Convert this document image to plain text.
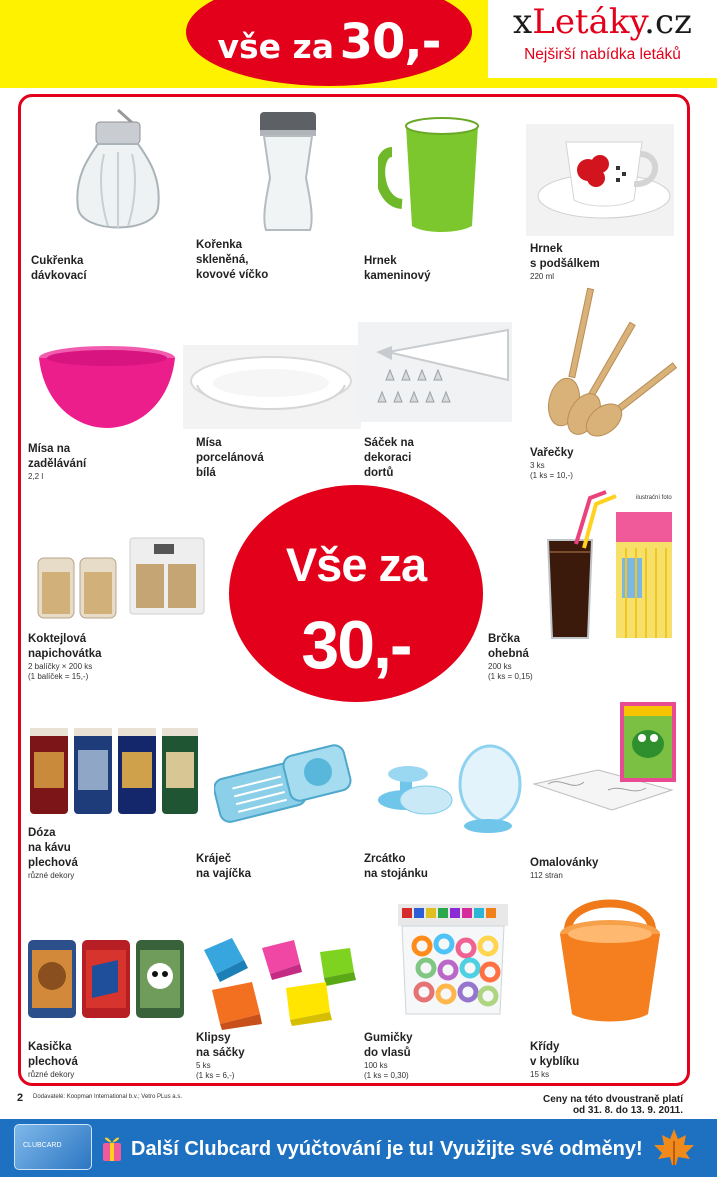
vše za 30,-	xLetáky.cz
Nejširší nabídka letáků
Cukřenka
dávkovací
Kořenka
skleněná,
kovové víčko
Hrnek
kameninový
Hrnek
s podšálkem
220 ml
Mísa na
zadělávání
2,2 l
Mísa
porcelánová
bílá
Sáček na
dekoraci
dortů
Vařečky
3 ks
(1 ks = 10,-)
Vše za
30,-
ilustrační foto
Koktejlová
napichovátka
2 balíčky × 200 ks
(1 balíček = 15,-)
Brčka
ohebná
200 ks
(1 ks = 0,15)
Dóza
na kávu
plechová
různé dekory
Kráječ
na vajíčka
Zrcátko
na stojánku
Omalovánky
112 stran
Kasička
plechová
různé dekory
Klipsy
na sáčky
5 ks
(1 ks = 6,-)
Gumičky
do vlasů
100 ks
(1 ks = 0,30)
Křídy
v kyblíku
15 ks
2 Dodavatelé: Koopman International b.v.; Vetro PLus a.s.	Ceny na této dvoustraně platí
od 31. 8. do 13. 9. 2011.
CLUBCARD	Další Clubcard vyúčtování je tu! Využijte své odměny!
